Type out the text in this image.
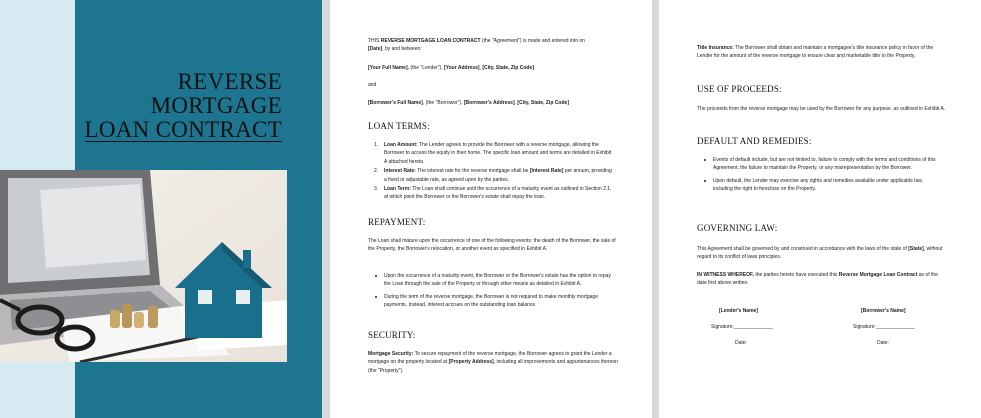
REVERSE MORTGAGE
LOAN CONTRACT
THIS REVERSE MORTGAGE LOAN CONTRACT (the "Agreement") is made and entered into on
[Date], by and between:
[Your Full Name], (the "Lender"), [Your Address], [City, State, Zip Code]
and
[Borrower's Full Name], (the "Borrower"), [Borrower's Address], [City, State, Zip Code]
LOAN TERMS:
1. Loan Amount: The Lender agrees to provide the Borrower with a reverse mortgage, allowing the Borrower to access the equity in their home. The specific loan amount and terms are detailed in Exhibit A attached hereto.
2. Interest Rate: The interest rate for the reverse mortgage shall be [Interest Rate] per annum, providing a fixed or adjustable rate, as agreed upon by the parties.
3. Loan Term: The Loan shall continue until the occurrence of a maturity event as outlined in Section 2.1, at which point the Borrower or the Borrower's estate shall repay the loan.
REPAYMENT:
The Loan shall mature upon the occurrence of one of the following events: the death of the Borrower, the sale of the Property, the Borrower's relocation, or another event as specified in Exhibit A.
Upon the occurrence of a maturity event, the Borrower or the Borrower's estate has the option to repay the Loan through the sale of the Property or through other means as detailed in Exhibit A.
During the term of the reverse mortgage, the Borrower is not required to make monthly mortgage payments. Instead, interest accrues on the outstanding loan balance.
SECURITY:
Mortgage Security: To secure repayment of the reverse mortgage, the Borrower agrees to grant the Lender a mortgage on the property located at [Property Address], including all improvements and appurtenances thereon (the "Property").
Title Insurance: The Borrower shall obtain and maintain a mortgagee's title insurance policy in favor of the Lender for the amount of the reverse mortgage to ensure clear and marketable title to the Property.
USE OF PROCEEDS:
The proceeds from the reverse mortgage may be used by the Borrower for any purpose, as outlined in Exhibit A.
DEFAULT AND REMEDIES:
Events of default include, but are not limited to, failure to comply with the terms and conditions of this Agreement, the failure to maintain the Property, or any misrepresentation by the Borrower.
Upon default, the Lender may exercise any rights and remedies available under applicable law, including the right to foreclose on the Property.
GOVERNING LAW:
This Agreement shall be governed by and construed in accordance with the laws of the state of [State], without regard to its conflict of laws principles.
IN WITNESS WHEREOF, the parties hereto have executed this Reverse Mortgage Loan Contract as of the date first above written.
[Lender's Name]	[Borrower's Name]
Signature:______________	Signature:______________
Date:	Date:
